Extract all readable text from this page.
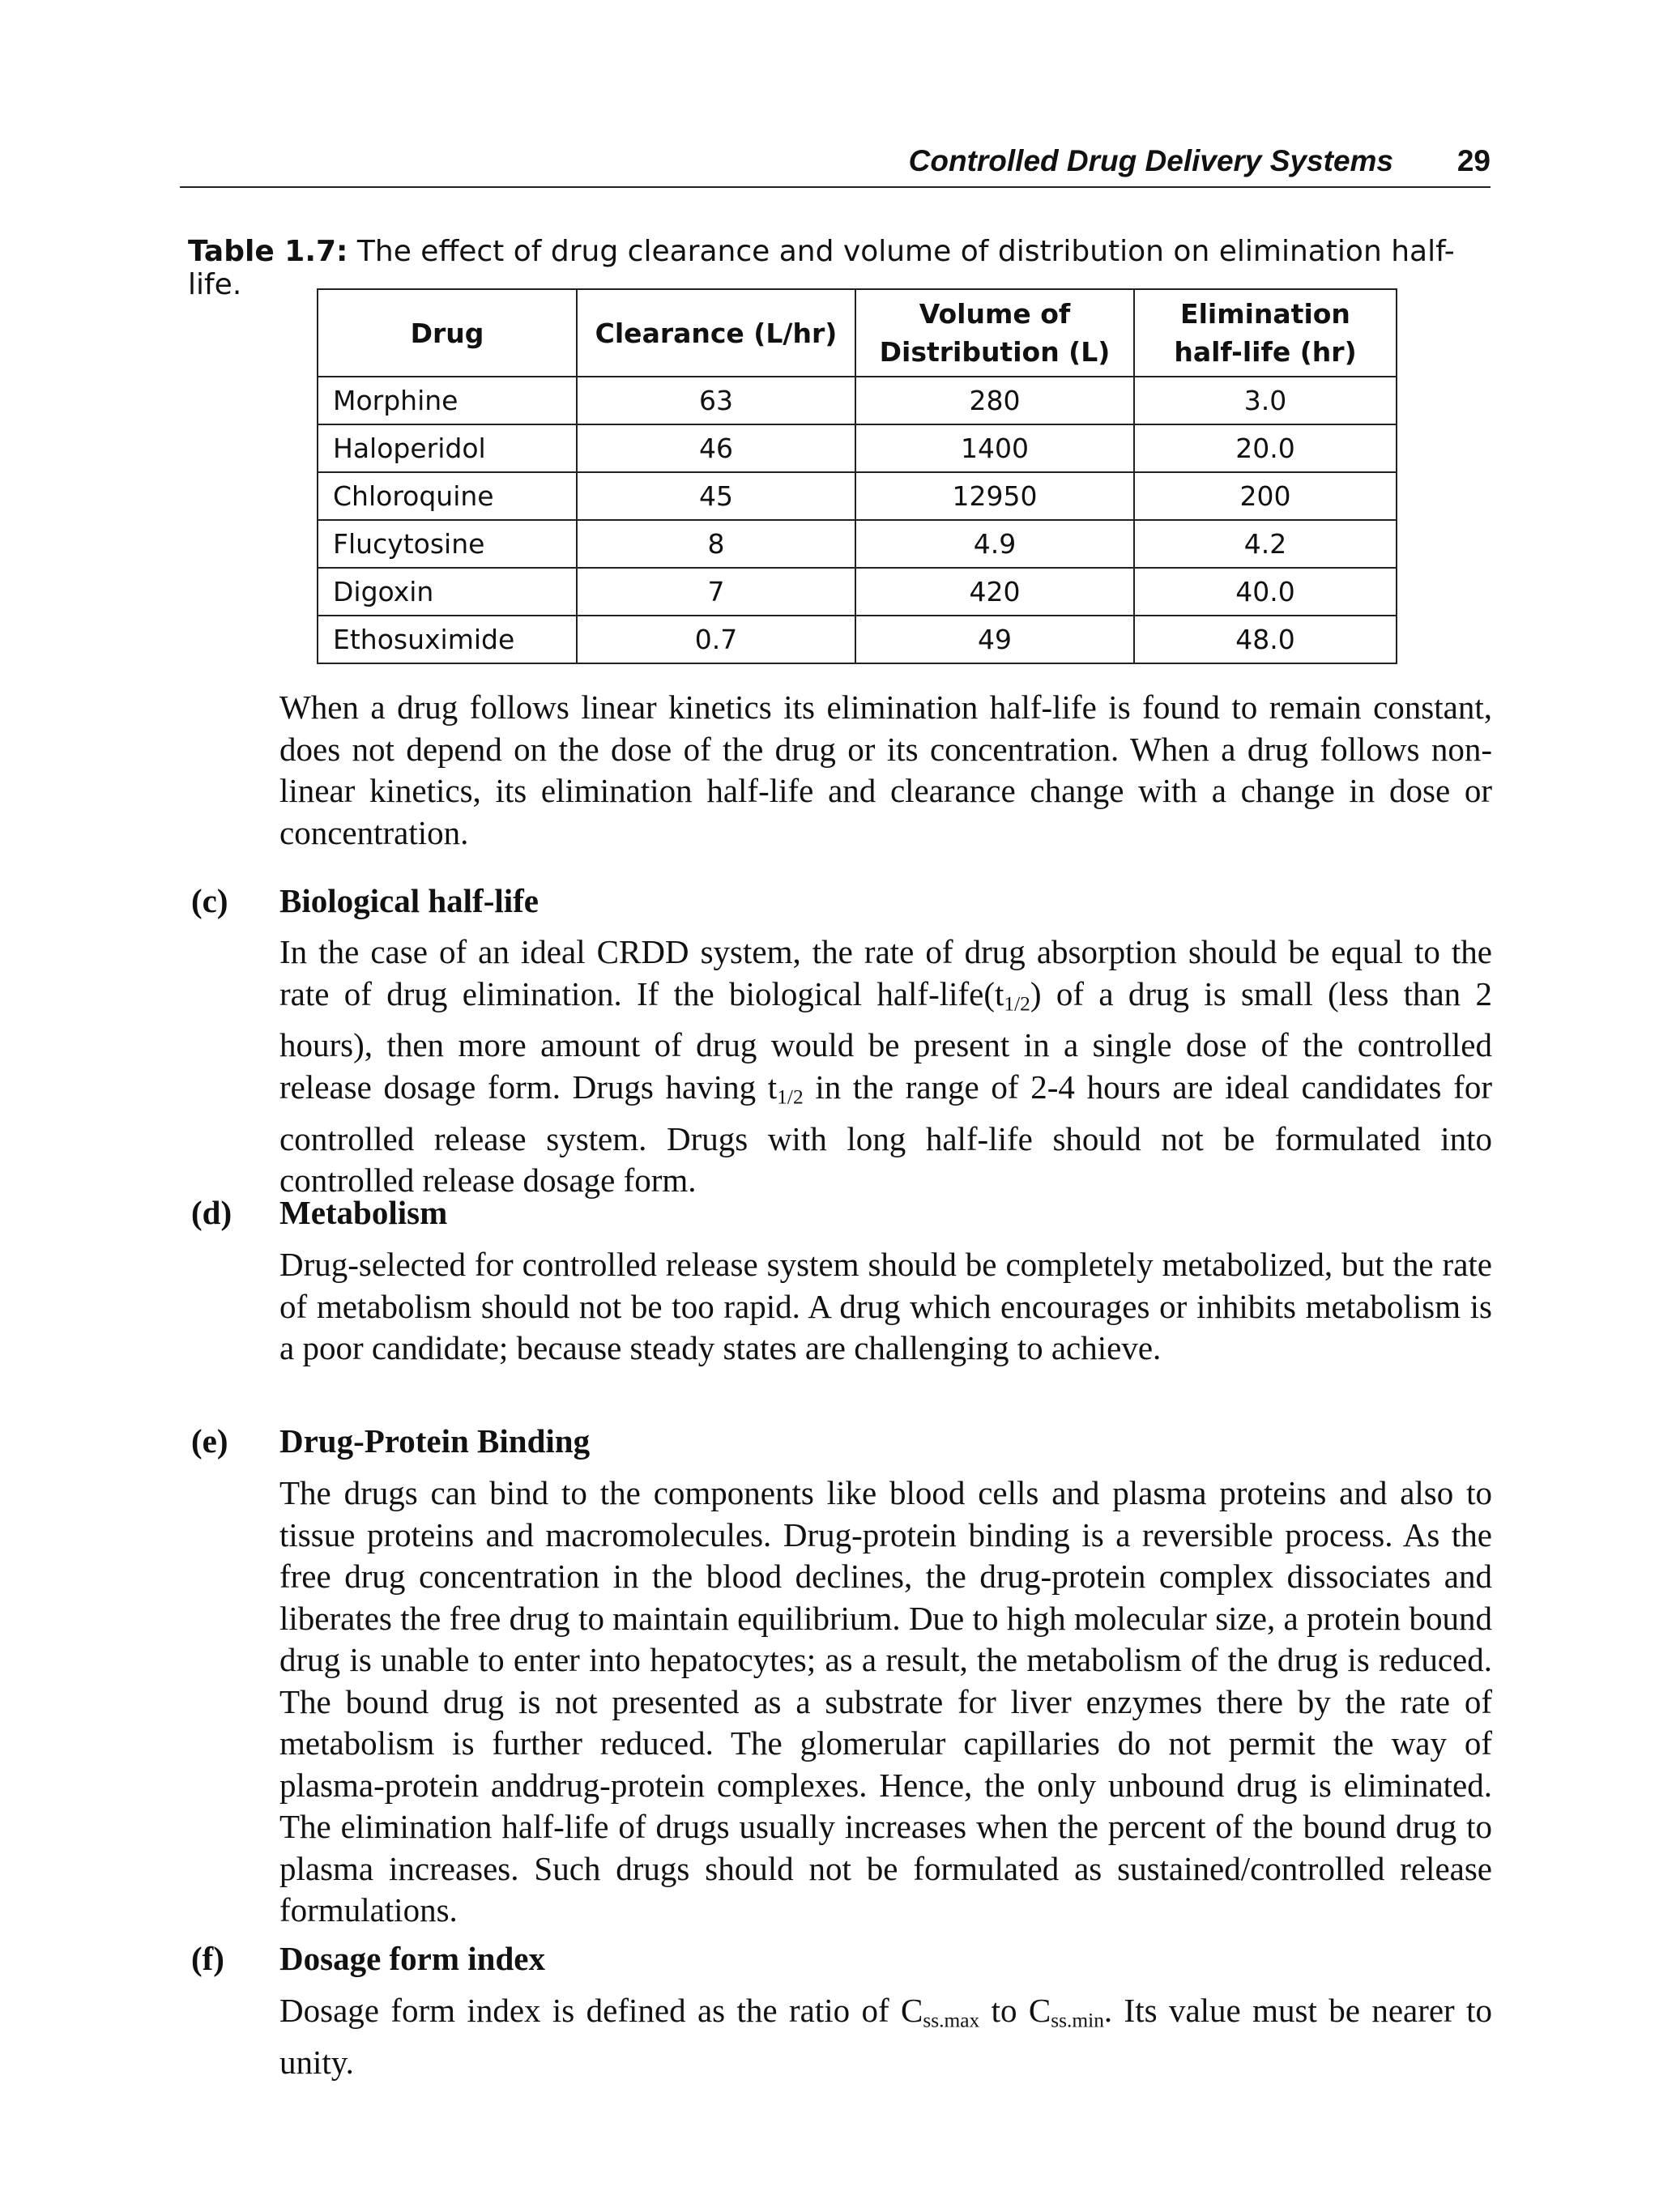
Controlled Drug Delivery Systems 29
Table 1.7: The effect of drug clearance and volume of distribution on elimination half-life.
Drug	Clearance (L/hr)	Volume of Distribution (L)	Elimination half-life (hr)
Morphine	63	280	3.0
Haloperidol	46	1400	20.0
Chloroquine	45	12950	200
Flucytosine	8	4.9	4.2
Digoxin	7	420	40.0
Ethosuximide	0.7	49	48.0

When a drug follows linear kinetics its elimination half-life is found to remain constant, does not depend on the dose of the drug or its concentration. When a drug follows non-linear kinetics, its elimination half-life and clearance change with a change in dose or concentration.

(c) Biological half-life

In the case of an ideal CRDD system, the rate of drug absorption should be equal to the rate of drug elimination. If the biological half-$life(t_{1/2})$ of a drug is small (less than 2 hours), then more amount of drug would be present in a single dose of the controlled release dosage form. Drugs having $t_{1/2}$ in the range of 2-4 hours are ideal candidates for controlled release system. Drugs with long half-life should not be formulated into controlled release dosage form.

(d) Metabolism

Drug-selected for controlled release system should be completely metabolized, but the rate of metabolism should not be too rapid. A drug which encourages or inhibits metabolism is a poor candidate; because steady states are challenging to achieve.

(e) Drug-Protein Binding

The drugs can bind to the components like blood cells and plasma proteins and also to tissue proteins and macromolecules. Drug-protein binding is a reversible process. As the free drug concentration in the blood declines, the drug-protein complex dissociates and liberates the free drug to maintain equilibrium. Due to high molecular size, a protein bound drug is unable to enter into hepatocytes; as a result, the metabolism of the drug is reduced. The bound drug is not presented as a substrate for liver enzymes there by the rate of metabolism is further reduced. The glomerular capillaries do not permit the way of plasma-protein anddrug-protein complexes. Hence, the only unbound drug is eliminated. The elimination half-life of drugs usually increases when the percent of the bound drug to plasma increases. Such drugs should not be formulated as sustained/controlled release formulations.

(f) Dosage form index

Dosage form index is defined as the ratio of $C_{ss.max}$ to $C_{ss.min}$. Its value must be nearer to unity.
